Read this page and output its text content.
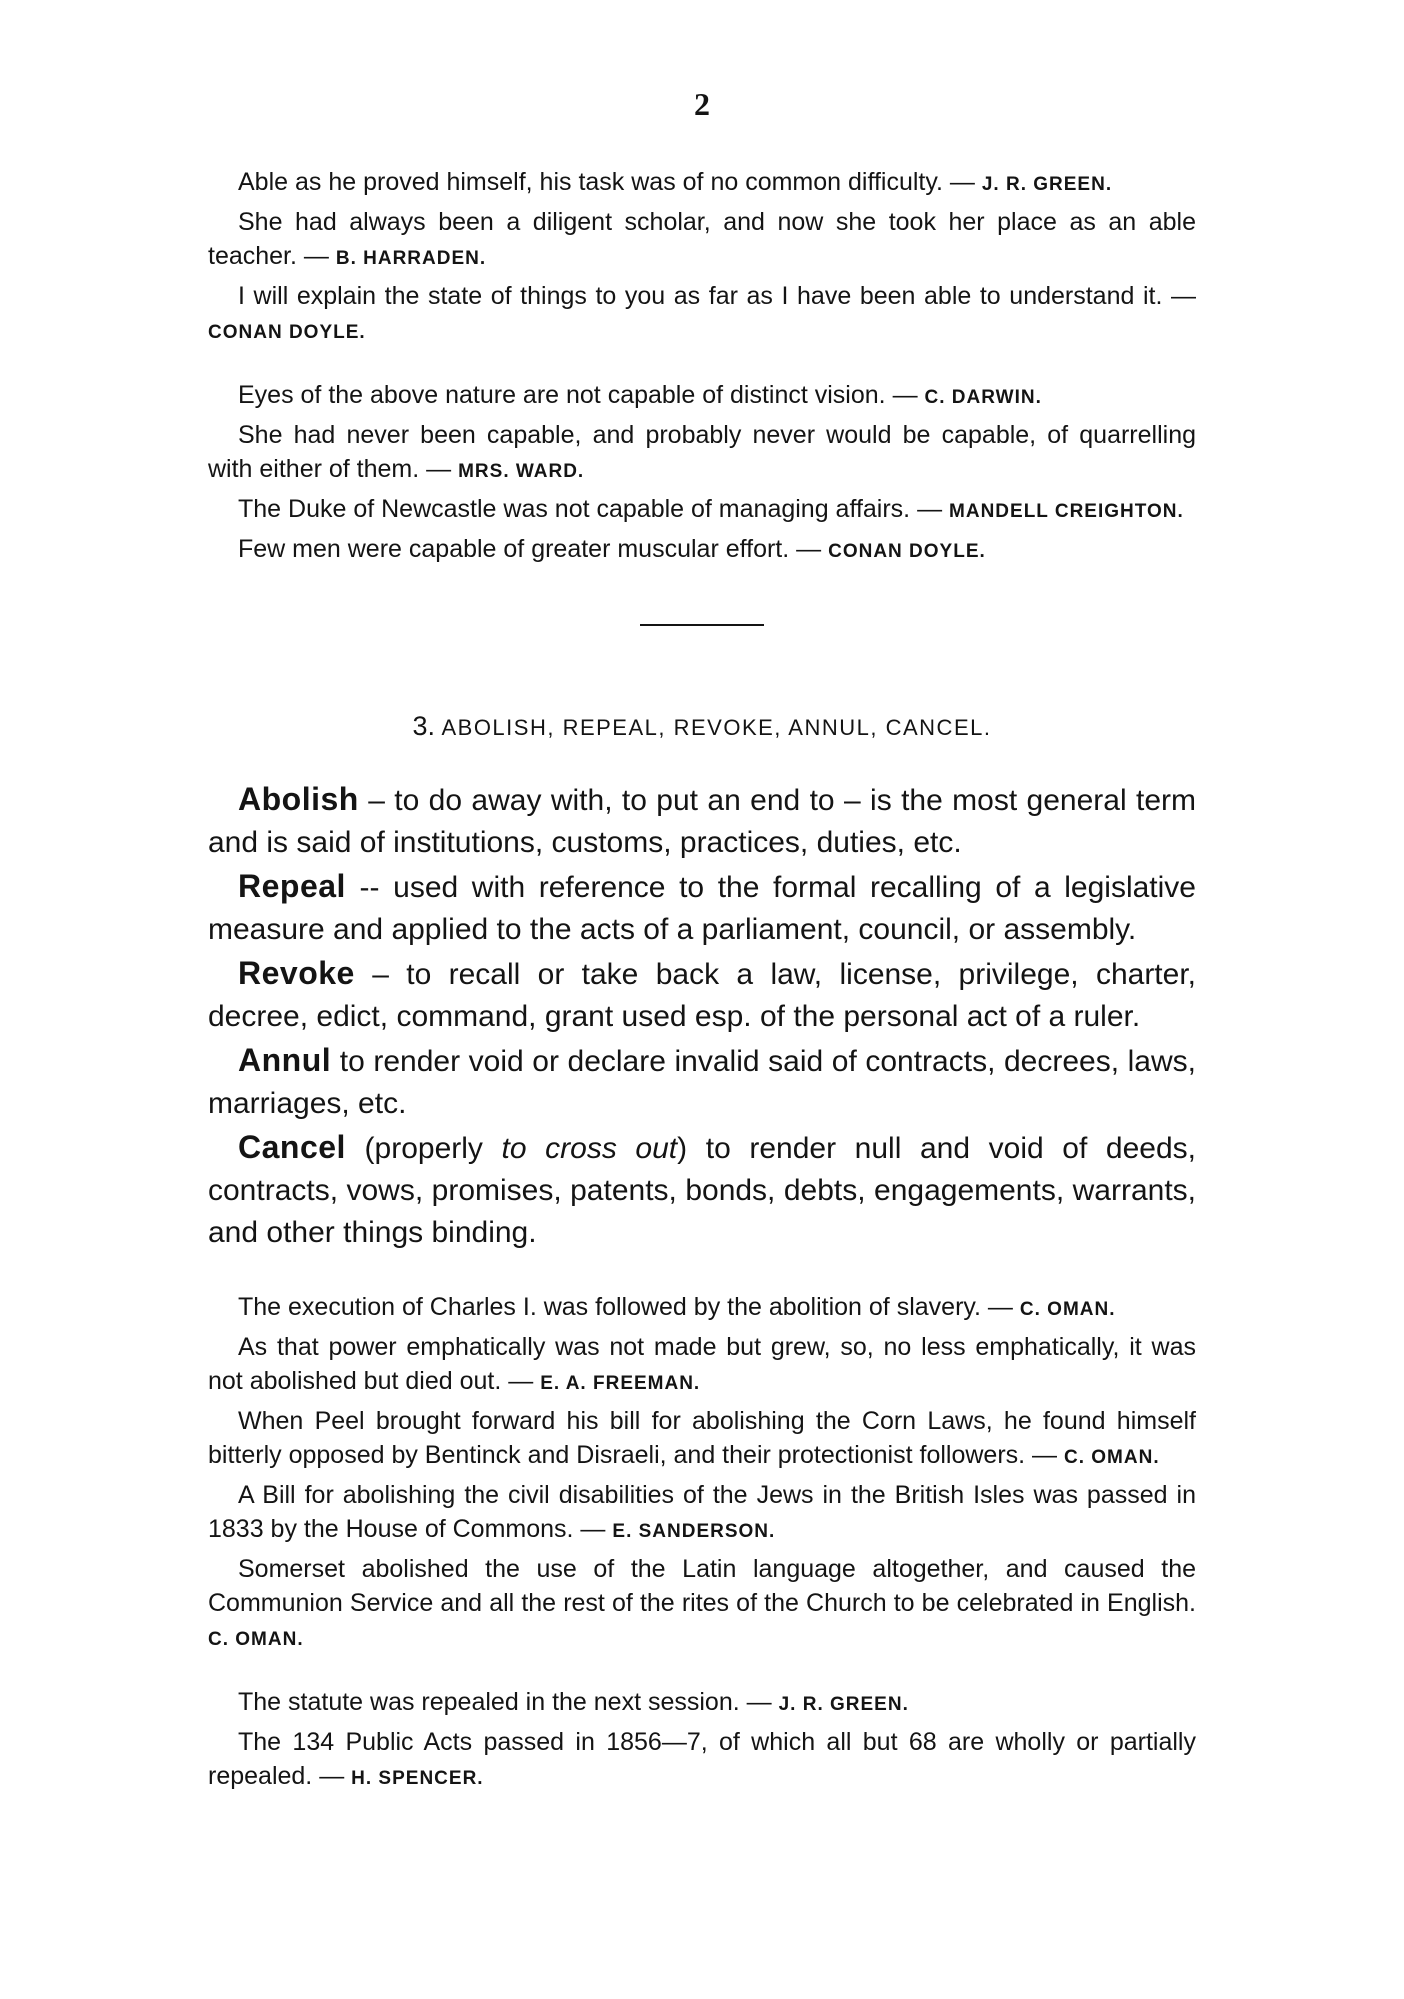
2

Able as he proved himself, his task was of no common difficulty. — J. R. GREEN.

She had always been a diligent scholar, and now she took her place as an able teacher. — B. HARRADEN.

I will explain the state of things to you as far as I have been able to understand it. — CONAN DOYLE.

Eyes of the above nature are not capable of distinct vision. — C. DARWIN.

She had never been capable, and probably never would be capable, of quarrelling with either of them. — MRS. WARD.

The Duke of Newcastle was not capable of managing affairs. — MANDELL CREIGHTON.

Few men were capable of greater muscular effort. — CONAN DOYLE.

3. ABOLISH, REPEAL, REVOKE, ANNUL, CANCEL.

Abolish – to do away with, to put an end to – is the most general term and is said of institutions, customs, practices, duties, etc.

Repeal -- used with reference to the formal recalling of a legislative measure and applied to the acts of a parliament, council, or assembly.

Revoke – to recall or take back a law, license, privilege, charter, decree, edict, command, grant used esp. of the personal act of a ruler.

Annul to render void or declare invalid said of contracts, decrees, laws, marriages, etc.

Cancel (properly to cross out) to render null and void of deeds, contracts, vows, promises, patents, bonds, debts, engagements, warrants, and other things binding.

The execution of Charles I. was followed by the abolition of slavery. — C. OMAN.

As that power emphatically was not made but grew, so, no less emphatically, it was not abolished but died out. — E. A. FREEMAN.

When Peel brought forward his bill for abolishing the Corn Laws, he found himself bitterly opposed by Bentinck and Disraeli, and their protectionist followers. — C. OMAN.

A Bill for abolishing the civil disabilities of the Jews in the British Isles was passed in 1833 by the House of Commons. — E. SANDERSON.

Somerset abolished the use of the Latin language altogether, and caused the Communion Service and all the rest of the rites of the Church to be celebrated in English. C. OMAN.

The statute was repealed in the next session. — J. R. GREEN.

The 134 Public Acts passed in 1856—7, of which all but 68 are wholly or partially repealed. — H. SPENCER.
